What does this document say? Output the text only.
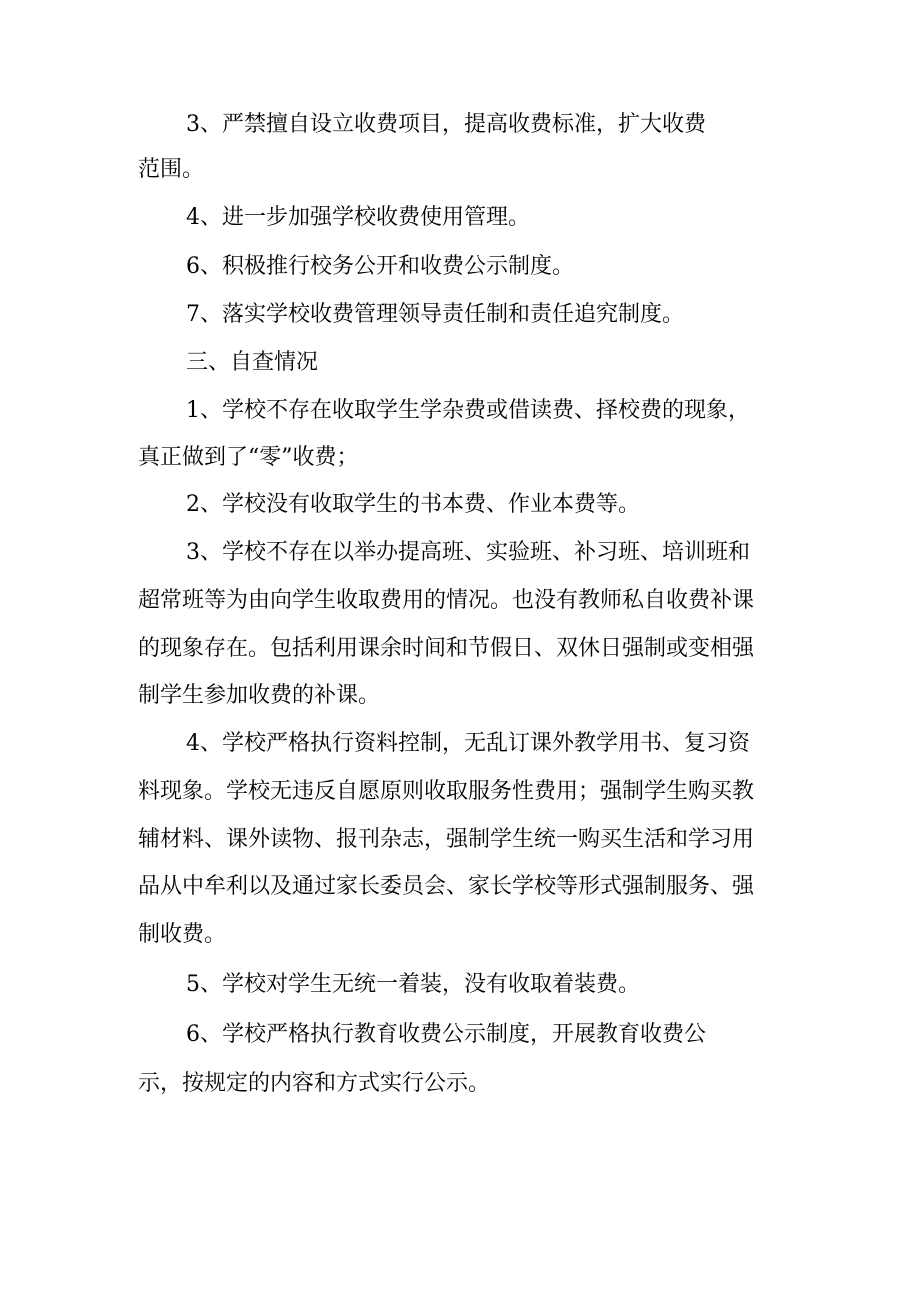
3、严禁擅自设立收费项目，提高收费标准，扩大收费
范围。
4、进一步加强学校收费使用管理。
6、积极推行校务公开和收费公示制度。
7、落实学校收费管理领导责任制和责任追究制度。
三、自查情况
1、学校不存在收取学生学杂费或借读费、择校费的现象，
真正做到了“零”收费；
2、学校没有收取学生的书本费、作业本费等。
3、学校不存在以举办提高班、实验班、补习班、培训班和
超常班等为由向学生收取费用的情况。也没有教师私自收费补课
的现象存在。包括利用课余时间和节假日、双休日强制或变相强
制学生参加收费的补课。
4、学校严格执行资料控制，无乱订课外教学用书、复习资
料现象。学校无违反自愿原则收取服务性费用；强制学生购买教
辅材料、课外读物、报刊杂志，强制学生统一购买生活和学习用
品从中牟利以及通过家长委员会、家长学校等形式强制服务、强
制收费。
5、学校对学生无统一着装，没有收取着装费。
6、学校严格执行教育收费公示制度，开展教育收费公
示，按规定的内容和方式实行公示。
